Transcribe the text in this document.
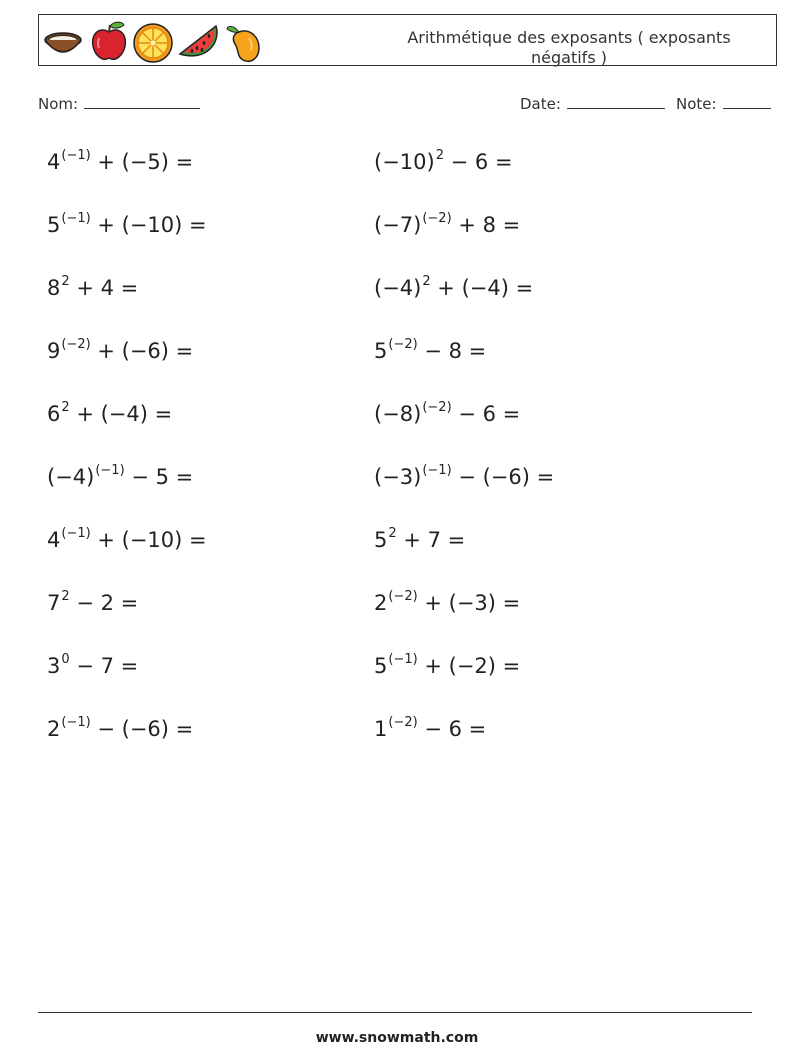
Arithmétique des exposants ( exposants
négatifs )
Nom:	Date:	Note:
$4^{(-1)} + (-5)$ =
$5^{(-1)} + (-10)$ =
$8^2 + 4$ =
$9^{(-2)} + (-6)$ =
$6^2 + (-4)$ =
$(-4)^{(-1)} - 5$ =
$4^{(-1)} + (-10)$ =
$7^2 - 2$ =
$3^0 - 7$ =
$2^{(-1)} - (-6)$ =
$(-10)^2 - 6$ =
$(-7)^{(-2)} + 8$ =
$(-4)^2 + (-4)$ =
$5^{(-2)} - 8$ =
$(-8)^{(-2)} - 6$ =
$(-3)^{(-1)} - (-6)$ =
$5^2 + 7$ =
$2^{(-2)} + (-3)$ =
$5^{(-1)} + (-2)$ =
$1^{(-2)} - 6$ =
www.snowmath.com
